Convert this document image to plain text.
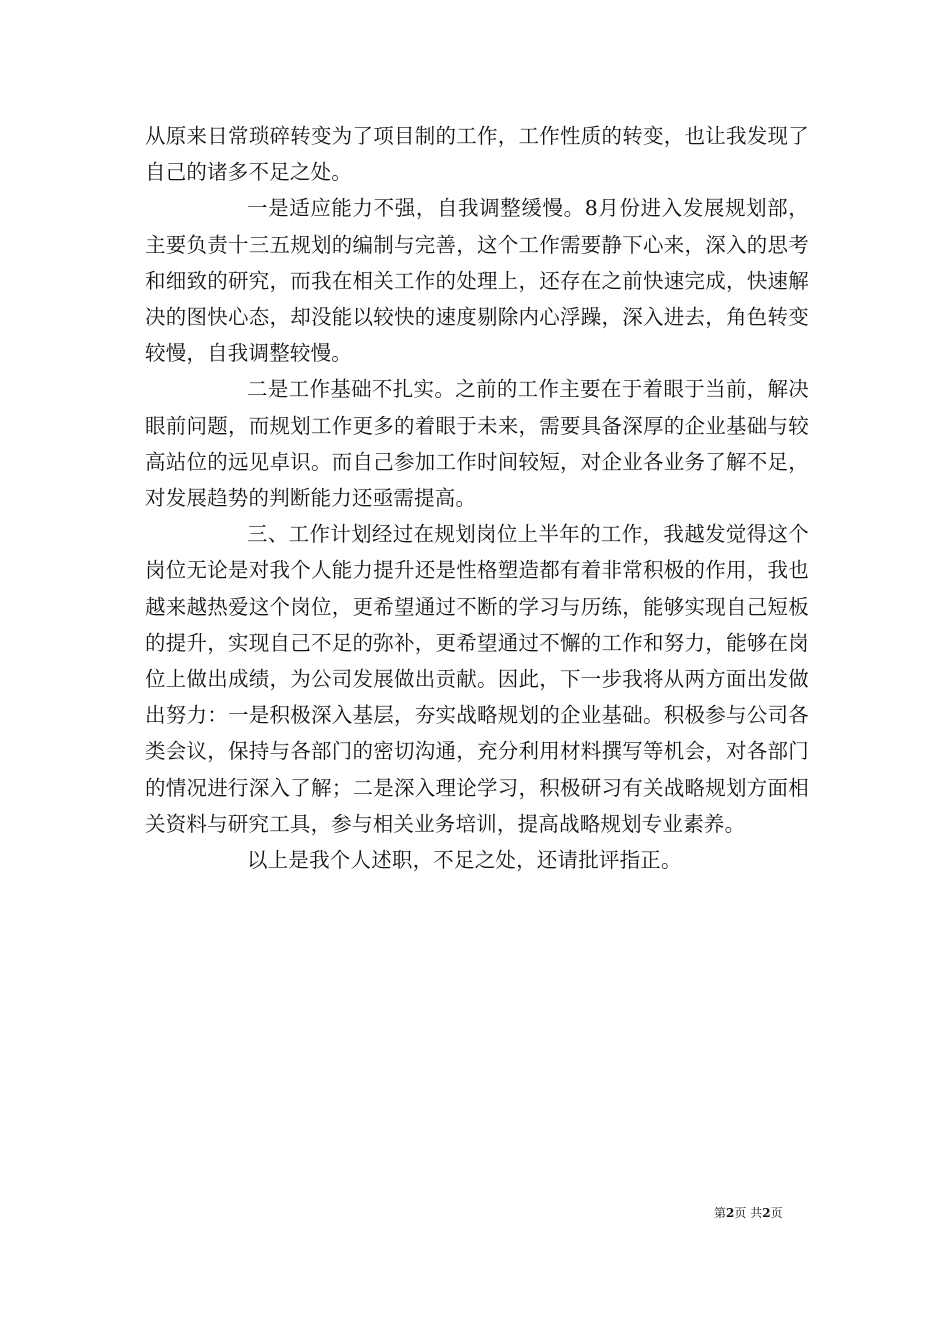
从原来日常琐碎转变为了项目制的工作，工作性质的转变，也让我发现了自己的诸多不足之处。

一是适应能力不强，自我调整缓慢。8月份进入发展规划部，主要负责十三五规划的编制与完善，这个工作需要静下心来，深入的思考和细致的研究，而我在相关工作的处理上，还存在之前快速完成，快速解决的图快心态，却没能以较快的速度剔除内心浮躁，深入进去，角色转变较慢，自我调整较慢。

二是工作基础不扎实。之前的工作主要在于着眼于当前，解决眼前问题，而规划工作更多的着眼于未来，需要具备深厚的企业基础与较高站位的远见卓识。而自己参加工作时间较短，对企业各业务了解不足，对发展趋势的判断能力还亟需提高。

三、工作计划经过在规划岗位上半年的工作，我越发觉得这个岗位无论是对我个人能力提升还是性格塑造都有着非常积极的作用，我也越来越热爱这个岗位，更希望通过不断的学习与历练，能够实现自己短板的提升，实现自己不足的弥补，更希望通过不懈的工作和努力，能够在岗位上做出成绩，为公司发展做出贡献。因此，下一步我将从两方面出发做出努力：一是积极深入基层，夯实战略规划的企业基础。积极参与公司各类会议，保持与各部门的密切沟通，充分利用材料撰写等机会，对各部门的情况进行深入了解；二是深入理论学习，积极研习有关战略规划方面相关资料与研究工具，参与相关业务培训，提高战略规划专业素养。

以上是我个人述职，不足之处，还请批评指正。

第2页 共2页
